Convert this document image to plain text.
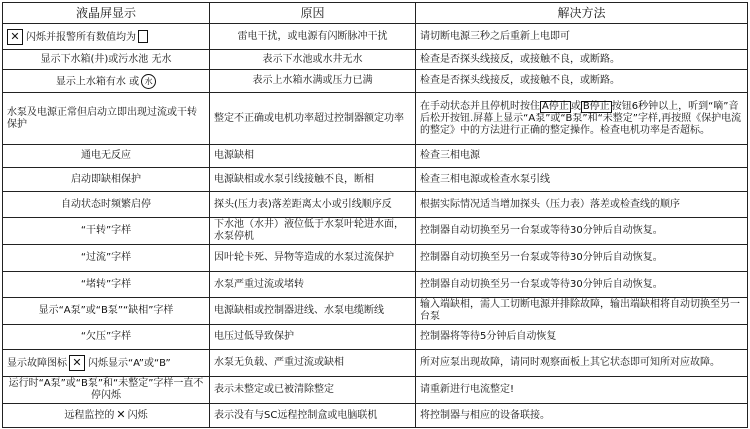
液晶屏显示	原因	解决方法
✕ 闪烁并报警所有数值均为	雷电干扰，或电源有闪断脉冲干扰	请切断电源三秒之后重新上电即可
显示下水箱(井)或污水池 无水	表示下水池或水井无水	检查是否探头线接反，或接触不良，或断路。
显示上水箱有水 或 水	表示上水箱水满或压力已满	检查是否探头线接反，或接触不良，或断路。
水泵及电源正常但启动立即出现过流或干转保护	整定不正确或电机功率超过控制器额定功率	在手动状态并且停机时按住 A停止 或 B停止 按钮6秒钟以上，听到“嘀”音后松开按钮.屏幕上显示“A泵”或“B泵”和“未整定”字样,再按照《保护电流的整定》中的方法进行正确的整定操作。检查电机功率是否超标。
通电无反应	电源缺相	检查三相电源
启动即缺相保护	电源缺相或水泵引线接触不良，断相	检查三相电源或检查水泵引线
自动状态时频繁启停	探头(压力表)落差距离太小或引线顺序反	根据实际情况适当增加探头（压力表）落差或检查线的顺序
“干转”字样	下水池（水井）液位低于水泵叶轮进水面，水泵停机	控制器自动切换至另一台泵或等待30分钟后自动恢复。
“过流”字样	因叶轮卡死、异物等造成的水泵过流保护	控制器自动切换至另一台泵或等待30分钟后自动恢复。
“堵转”字样	水泵严重过流或堵转	控制器自动切换至另一台泵或等待30分钟后自动恢复。
显示“A泵”或“B泵”“缺相”字样	电源缺相或控制器进线、水泵电缆断线	输入端缺相，需人工切断电源并排除故障，输出端缺相将自动切换至另一台泵
“欠压”字样	电压过低导致保护	控制器将等待5分钟后自动恢复
显示故障图标 ✕ 闪烁显示“A”或“B”	水泵无负载、严重过流或缺相	所对应泵出现故障，请同时观察面板上其它状态即可知所对应故障。
运行时“A泵”或“B泵”和“未整定”字样一直不停闪烁	表示未整定或已被清除整定	请重新进行电流整定!
远程监控的 ✕ 闪烁	表示没有与SC远程控制盒或电脑联机	将控制器与相应的设备联接。
